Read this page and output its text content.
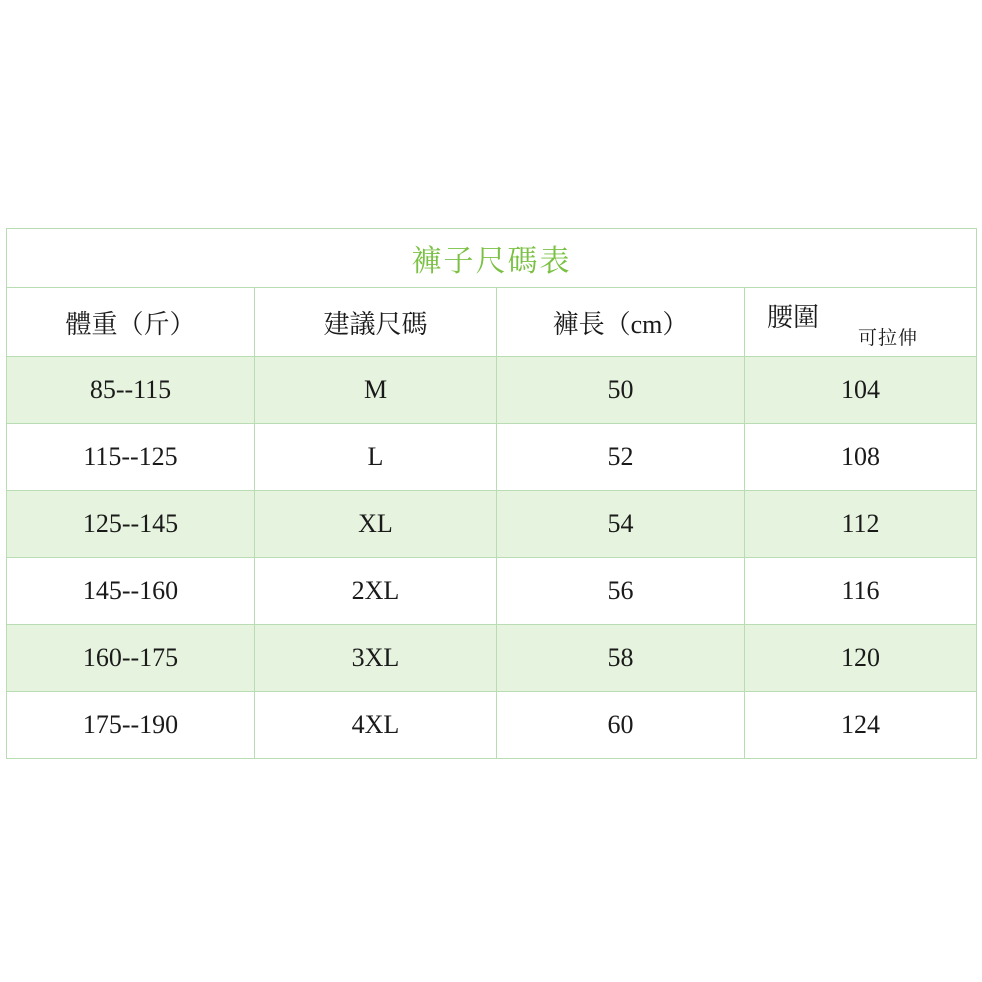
褲子尺碼表			
體重（斤）	建議尺碼	褲長（cm）	腰圍
可拉伸

85--115	M	50	104
115--125	L	52	108
125--145	XL	54	112
145--160	2XL	56	116
160--175	3XL	58	120
175--190	4XL	60	124
